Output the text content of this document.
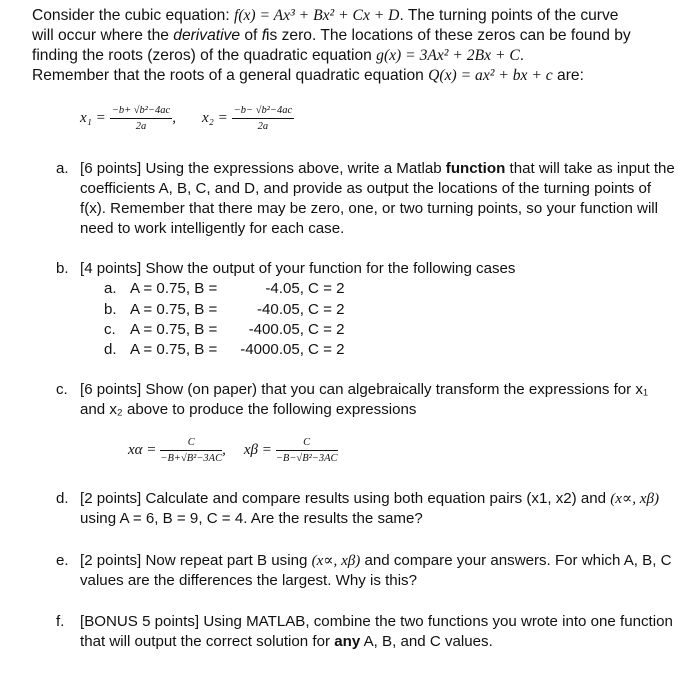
Consider the cubic equation: f(x) = Ax³ + Bx² + Cx + D. The turning points of the curve

will occur where the derivative of fis zero. The locations of these zeros can be found by

finding the roots (zeros) of the quadratic equation g(x) = 3Ax² + 2Bx + C.

Remember that the roots of a general quadratic equation Q(x) = ax² + bx + c are:

$x_1 = \frac{\text{−b+ √b²−4ac}}{2a}$ , $x_2 = \frac{\text{−b− √b²−4ac}}{2a}$
a. [6 points] Using the expressions above, write a Matlab function that will take as input the coefficients A, B, C, and D, and provide as output the locations of the turning points of f(x). Remember that there may be zero, one, or two turning points, so your function will need to work intelligently for each case.
b. [4 points] Show the output of your function for the following cases
a. A = 0.75, B =	-4.05, C = 2
b. A = 0.75, B =	-40.05, C = 2
c. A = 0.75, B = -400.05, C = 2
d. A = 0.75, B = -4000.05, C = 2
c. [6 points] Show (on paper) that you can algebraically transform the expressions for x₁ and x₂ above to produce the following expressions
$x\alpha = \frac{C}{\text{−B+√B²−3AC}}$ , $x\beta = \frac{C}{\text{−B−√B²−3AC}}$
d. [2 points] Calculate and compare results using both equation pairs (x1, x2) and (x∝, xβ) using A = 6, B = 9, C = 4. Are the results the same?
e. [2 points] Now repeat part B using (x∝, xβ) and compare your answers. For which A, B, C values are the differences the largest. Why is this?
f. [BONUS 5 points] Using MATLAB, combine the two functions you wrote into one function that will output the correct solution for any A, B, and C values.
